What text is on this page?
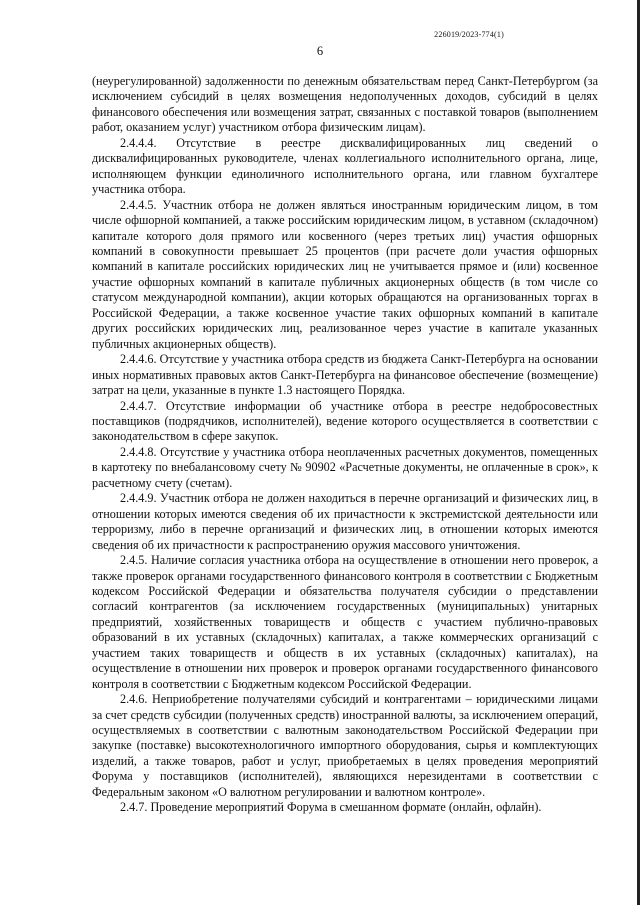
226019/2023-774(1)
6

(неурегулированной) задолженности по денежным обязательствам перед Санкт-Петербургом (за исключением субсидий в целях возмещения недополученных доходов, субсидий в целях финансового обеспечения или возмещения затрат, связанных с поставкой товаров (выполнением работ, оказанием услуг) участником отбора физическим лицам).

2.4.4.4. Отсутствие в реестре дисквалифицированных лиц сведений о дисквалифицированных руководителе, членах коллегиального исполнительного органа, лице, исполняющем функции единоличного исполнительного органа, или главном бухгалтере участника отбора.

2.4.4.5. Участник отбора не должен являться иностранным юридическим лицом, в том числе офшорной компанией, а также российским юридическим лицом, в уставном (складочном) капитале которого доля прямого или косвенного (через третьих лиц) участия офшорных компаний в совокупности превышает 25 процентов (при расчете доли участия офшорных компаний в капитале российских юридических лиц не учитывается прямое и (или) косвенное участие офшорных компаний в капитале публичных акционерных обществ (в том числе со статусом международной компании), акции которых обращаются на организованных торгах в Российской Федерации, а также косвенное участие таких офшорных компаний в капитале других российских юридических лиц, реализованное через участие в капитале указанных публичных акционерных обществ).

2.4.4.6. Отсутствие у участника отбора средств из бюджета Санкт-Петербурга на основании иных нормативных правовых актов Санкт-Петербурга на финансовое обеспечение (возмещение) затрат на цели, указанные в пункте 1.3 настоящего Порядка.

2.4.4.7. Отсутствие информации об участнике отбора в реестре недобросовестных поставщиков (подрядчиков, исполнителей), ведение которого осуществляется в соответствии с законодательством в сфере закупок.

2.4.4.8. Отсутствие у участника отбора неоплаченных расчетных документов, помещенных в картотеку по внебалансовому счету № 90902 «Расчетные документы, не оплаченные в срок», к расчетному счету (счетам).

2.4.4.9. Участник отбора не должен находиться в перечне организаций и физических лиц, в отношении которых имеются сведения об их причастности к экстремистской деятельности или терроризму, либо в перечне организаций и физических лиц, в отношении которых имеются сведения об их причастности к распространению оружия массового уничтожения.

2.4.5. Наличие согласия участника отбора на осуществление в отношении него проверок, а также проверок органами государственного финансового контроля в соответствии с Бюджетным кодексом Российской Федерации и обязательства получателя субсидии о представлении согласий контрагентов (за исключением государственных (муниципальных) унитарных предприятий, хозяйственных товариществ и обществ с участием публично-правовых образований в их уставных (складочных) капиталах, а также коммерческих организаций с участием таких товариществ и обществ в их уставных (складочных) капиталах), на осуществление в отношении них проверок и проверок органами государственного финансового контроля в соответствии с Бюджетным кодексом Российской Федерации.

2.4.6. Неприобретение получателями субсидий и контрагентами – юридическими лицами за счет средств субсидии (полученных средств) иностранной валюты, за исключением операций, осуществляемых в соответствии с валютным законодательством Российской Федерации при закупке (поставке) высокотехнологичного импортного оборудования, сырья и комплектующих изделий, а также товаров, работ и услуг, приобретаемых в целях проведения мероприятий Форума у поставщиков (исполнителей), являющихся нерезидентами в соответствии с Федеральным законом «О валютном регулировании и валютном контроле».

2.4.7. Проведение мероприятий Форума в смешанном формате (онлайн, офлайн).
